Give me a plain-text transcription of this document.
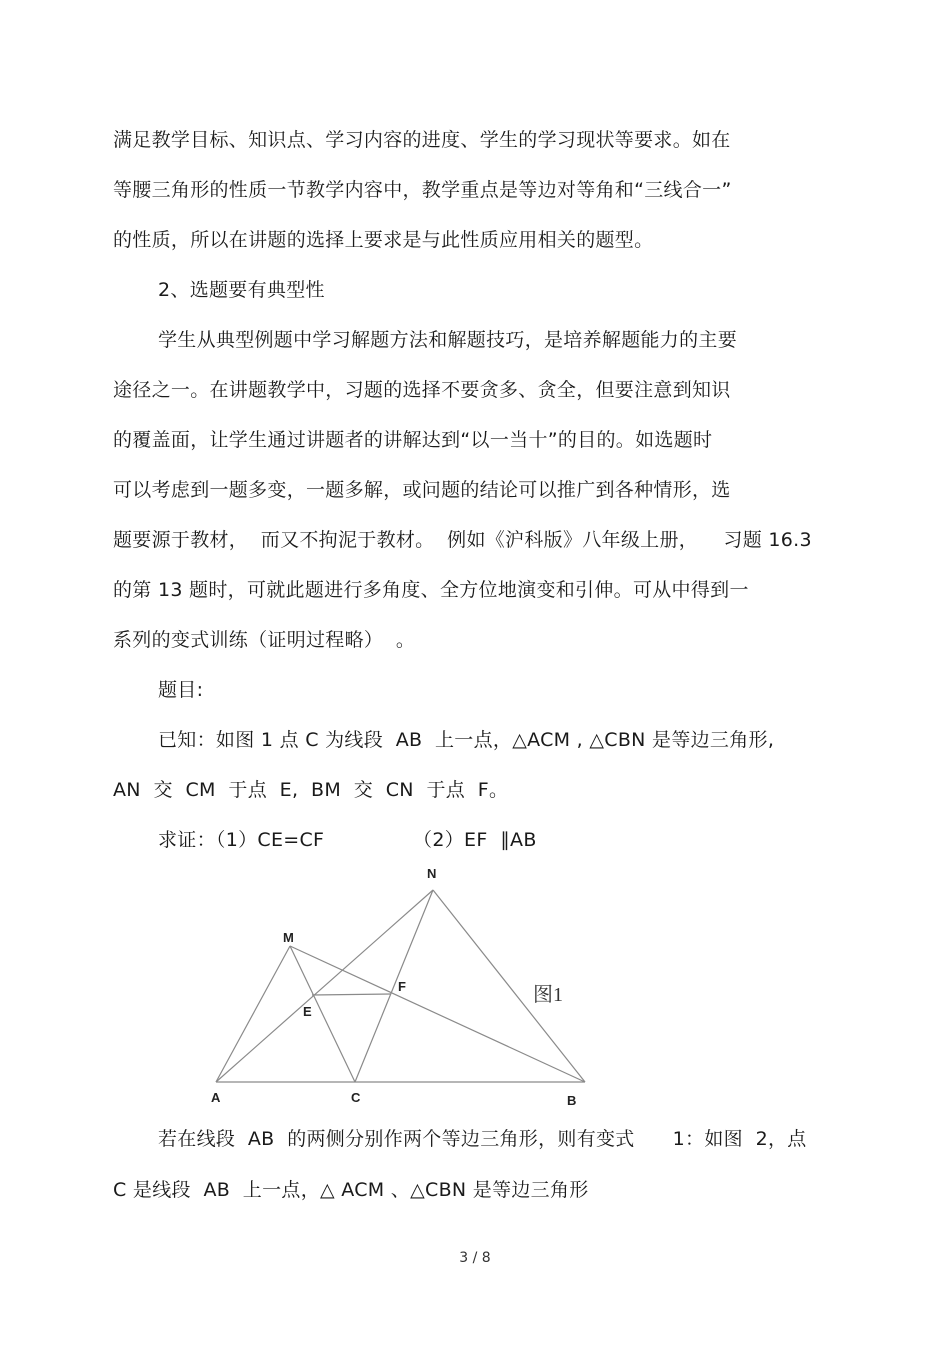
满足教学目标、知识点、学习内容的进度、学生的学习现状等要求。如在
等腰三角形的性质一节教学内容中，教学重点是等边对等角和“三线合一”
的性质，所以在讲题的选择上要求是与此性质应用相关的题型。
2、选题要有典型性
学生从典型例题中学习解题方法和解题技巧，是培养解题能力的主要
途径之一。在讲题教学中，习题的选择不要贪多、贪全，但要注意到知识
的覆盖面，让学生通过讲题者的讲解达到“以一当十”的目的。如选题时
可以考虑到一题多变，一题多解，或问题的结论可以推广到各种情形，选
题要源于教材，  而又不拘泥于教材。  例如《沪科版》八年级上册，    习题 16.3
的第 13 题时，可就此题进行多角度、全方位地演变和引伸。可从中得到一
系列的变式训练（证明过程略）  。
题目:
已知：如图 1 点 C 为线段  AB  上一点，△ACM , △CBN 是等边三角形,
AN  交  CM  于点  E,  BM  交  CN  于点  F。
求证：（1）CE=CF              （2）EF  ∥AB
A	C	B
M
N
E
F	图1
若在线段  AB  的两侧分别作两个等边三角形，则有变式      1：如图  2，点
C 是线段  AB  上一点，△ ACM 、△CBN 是等边三角形
3 / 8
